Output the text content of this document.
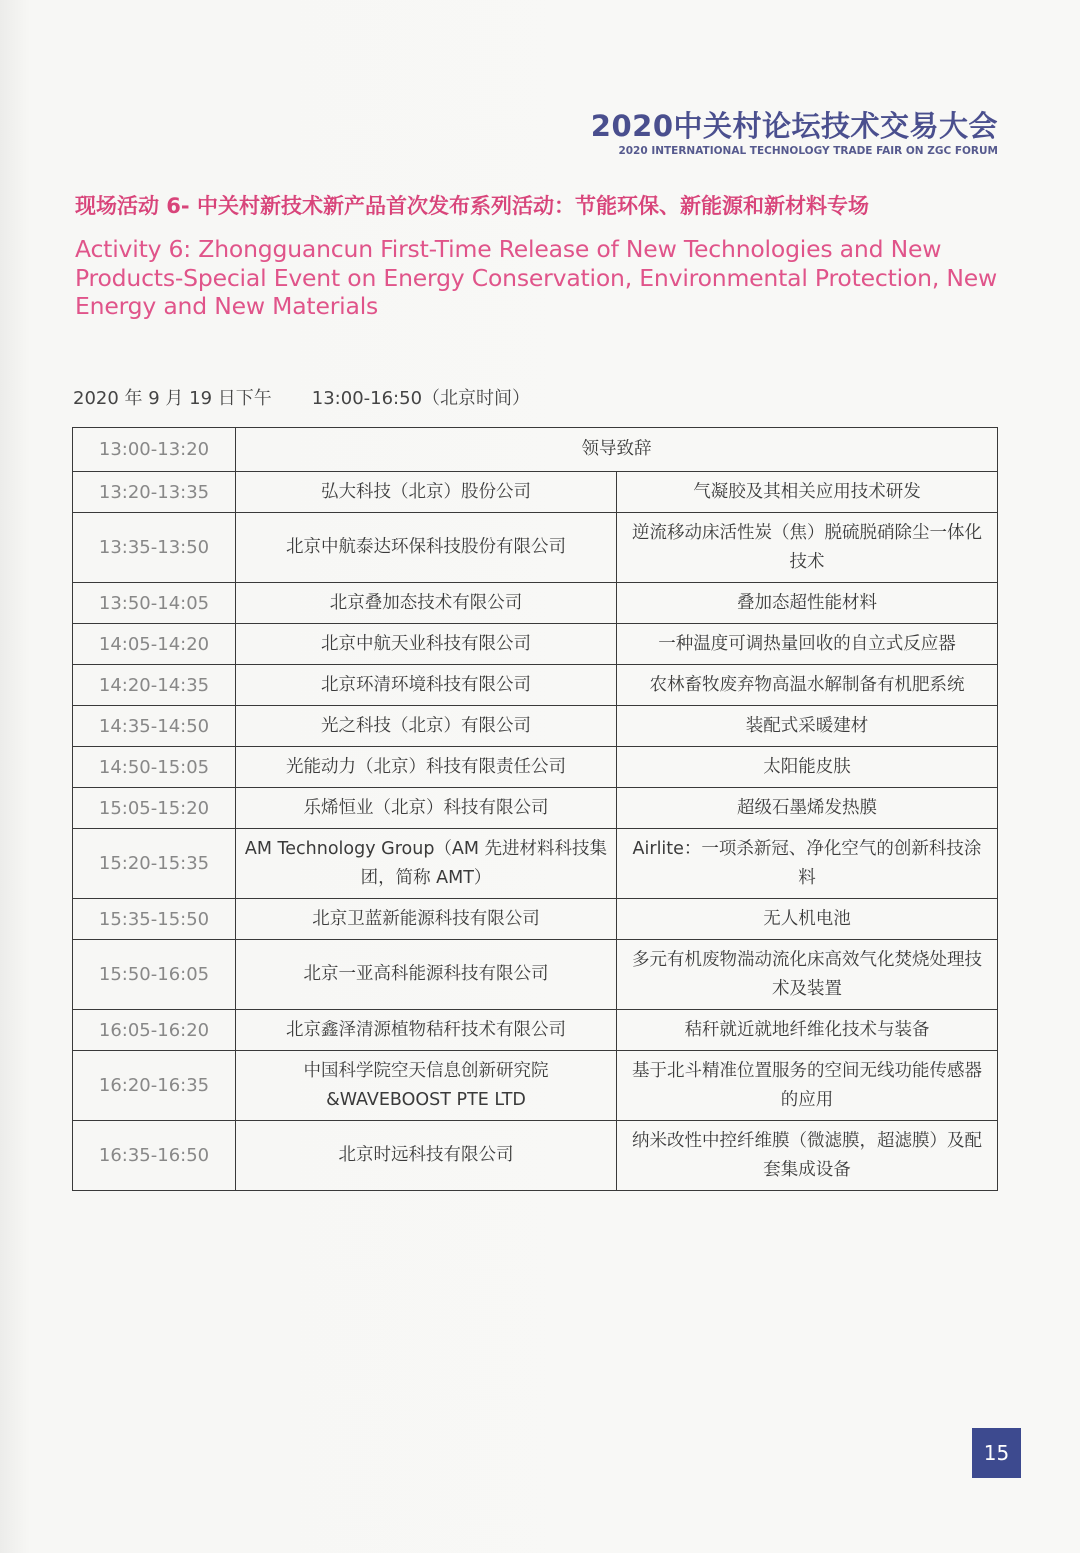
2020中关村论坛技术交易大会
2020 INTERNATIONAL TECHNOLOGY TRADE FAIR ON ZGC FORUM
现场活动 6- 中关村新技术新产品首次发布系列活动：节能环保、新能源和新材料专场
Activity 6: Zhongguancun First-Time Release of New Technologies and New Products-Special Event on Energy Conservation, Environmental Protection, New Energy and New Materials
2020 年 9 月 19 日下午 13:00-16:50（北京时间）
13:00-13:20	领导致辞	
13:20-13:35	弘大科技（北京）股份公司	气凝胶及其相关应用技术研发
13:35-13:50	北京中航泰达环保科技股份有限公司	逆流移动床活性炭（焦）脱硫脱硝除尘一体化技术
13:50-14:05	北京叠加态技术有限公司	叠加态超性能材料
14:05-14:20	北京中航天业科技有限公司	一种温度可调热量回收的自立式反应器
14:20-14:35	北京环清环境科技有限公司	农林畜牧废弃物高温水解制备有机肥系统
14:35-14:50	光之科技（北京）有限公司	装配式采暖建材
14:50-15:05	光能动力（北京）科技有限责任公司	太阳能皮肤
15:05-15:20	乐烯恒业（北京）科技有限公司	超级石墨烯发热膜
15:20-15:35	AM Technology Group（AM 先进材料科技集团，简称 AMT）	Airlite：一项杀新冠、净化空气的创新科技涂料
15:35-15:50	北京卫蓝新能源科技有限公司	无人机电池
15:50-16:05	北京一亚高科能源科技有限公司	多元有机废物湍动流化床高效气化焚烧处理技术及装置
16:05-16:20	北京鑫泽清源植物秸秆技术有限公司	秸秆就近就地纤维化技术与装备
16:20-16:35	中国科学院空天信息创新研究院 &WAVEBOOST PTE LTD	基于北斗精准位置服务的空间无线功能传感器的应用
16:35-16:50	北京时远科技有限公司	纳米改性中控纤维膜（微滤膜，超滤膜）及配套集成设备
15
